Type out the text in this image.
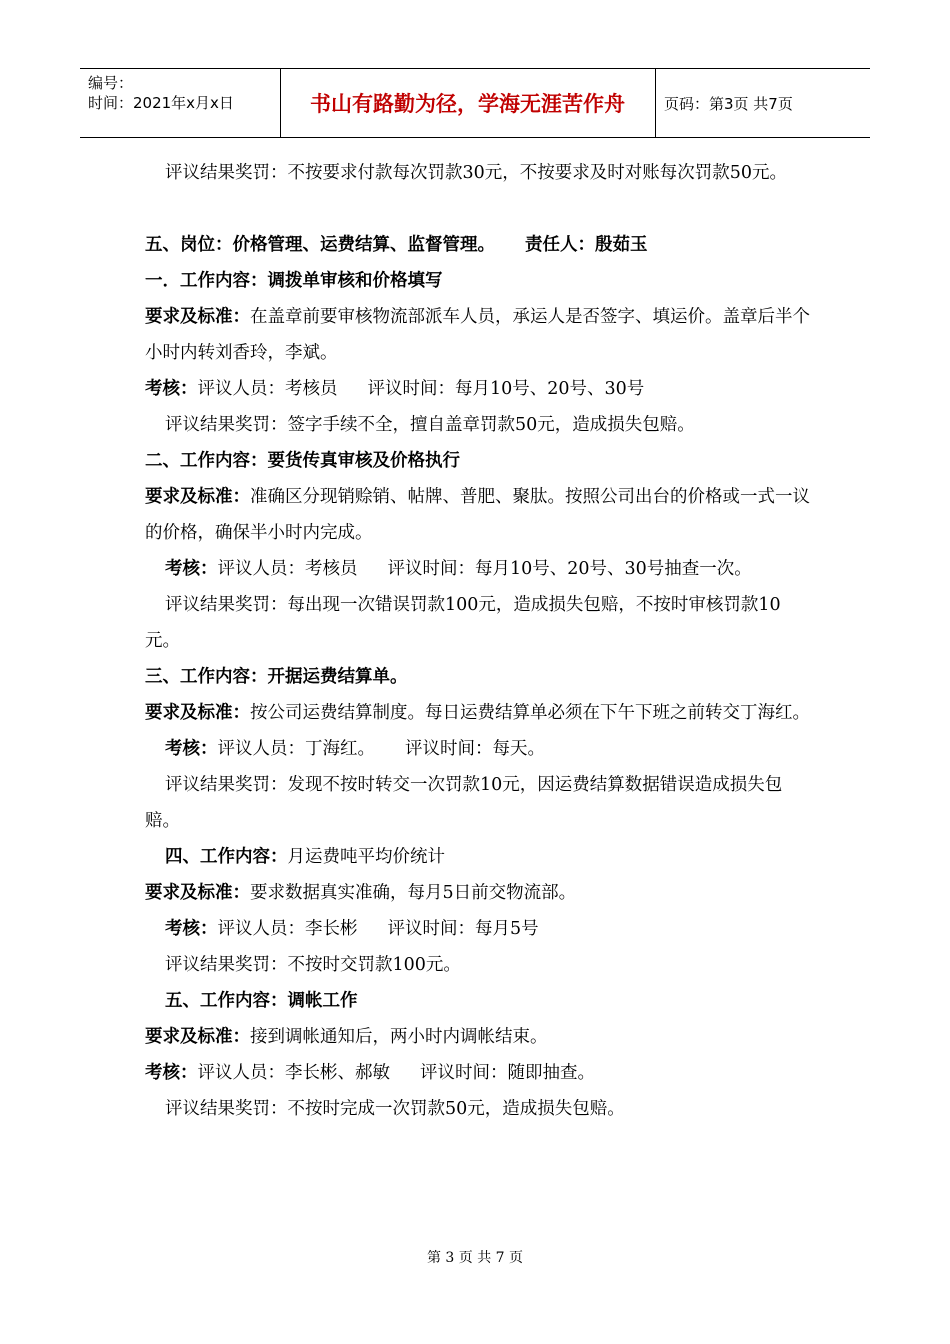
编号：
时间：2021年x月x日	书山有路勤为径，学海无涯苦作舟	页码：第3页 共7页

评议结果奖罚：不按要求付款每次罚款30元，不按要求及时对账每次罚款50元。

五、岗位：价格管理、运费结算、监督管理。 责任人：殷茹玉

一．工作内容：调拨单审核和价格填写

要求及标准：在盖章前要审核物流部派车人员，承运人是否签字、填运价。盖章后半个小时内转刘香玲，李斌。

考核：评议人员：考核员 评议时间：每月10号、20号、30号

评议结果奖罚：签字手续不全，擅自盖章罚款50元，造成损失包赔。

二、工作内容：要货传真审核及价格执行

要求及标准：准确区分现销赊销、帖牌、普肥、聚肽。按照公司出台的价格或一式一议的价格，确保半小时内完成。

考核：评议人员：考核员 评议时间：每月10号、20号、30号抽查一次。

评议结果奖罚：每出现一次错误罚款100元，造成损失包赔，不按时审核罚款10元。

三、工作内容：开据运费结算单。

要求及标准：按公司运费结算制度。每日运费结算单必须在下午下班之前转交丁海红。

考核：评议人员：丁海红。 评议时间：每天。

评议结果奖罚：发现不按时转交一次罚款10元，因运费结算数据错误造成损失包赔。

四、工作内容：月运费吨平均价统计

要求及标准：要求数据真实准确，每月5日前交物流部。

考核：评议人员：李长彬 评议时间：每月5号

评议结果奖罚：不按时交罚款100元。

五、工作内容：调帐工作

要求及标准：接到调帐通知后，两小时内调帐结束。

考核：评议人员：李长彬、郝敏 评议时间：随即抽查。

评议结果奖罚：不按时完成一次罚款50元，造成损失包赔。

第 3 页 共 7 页
